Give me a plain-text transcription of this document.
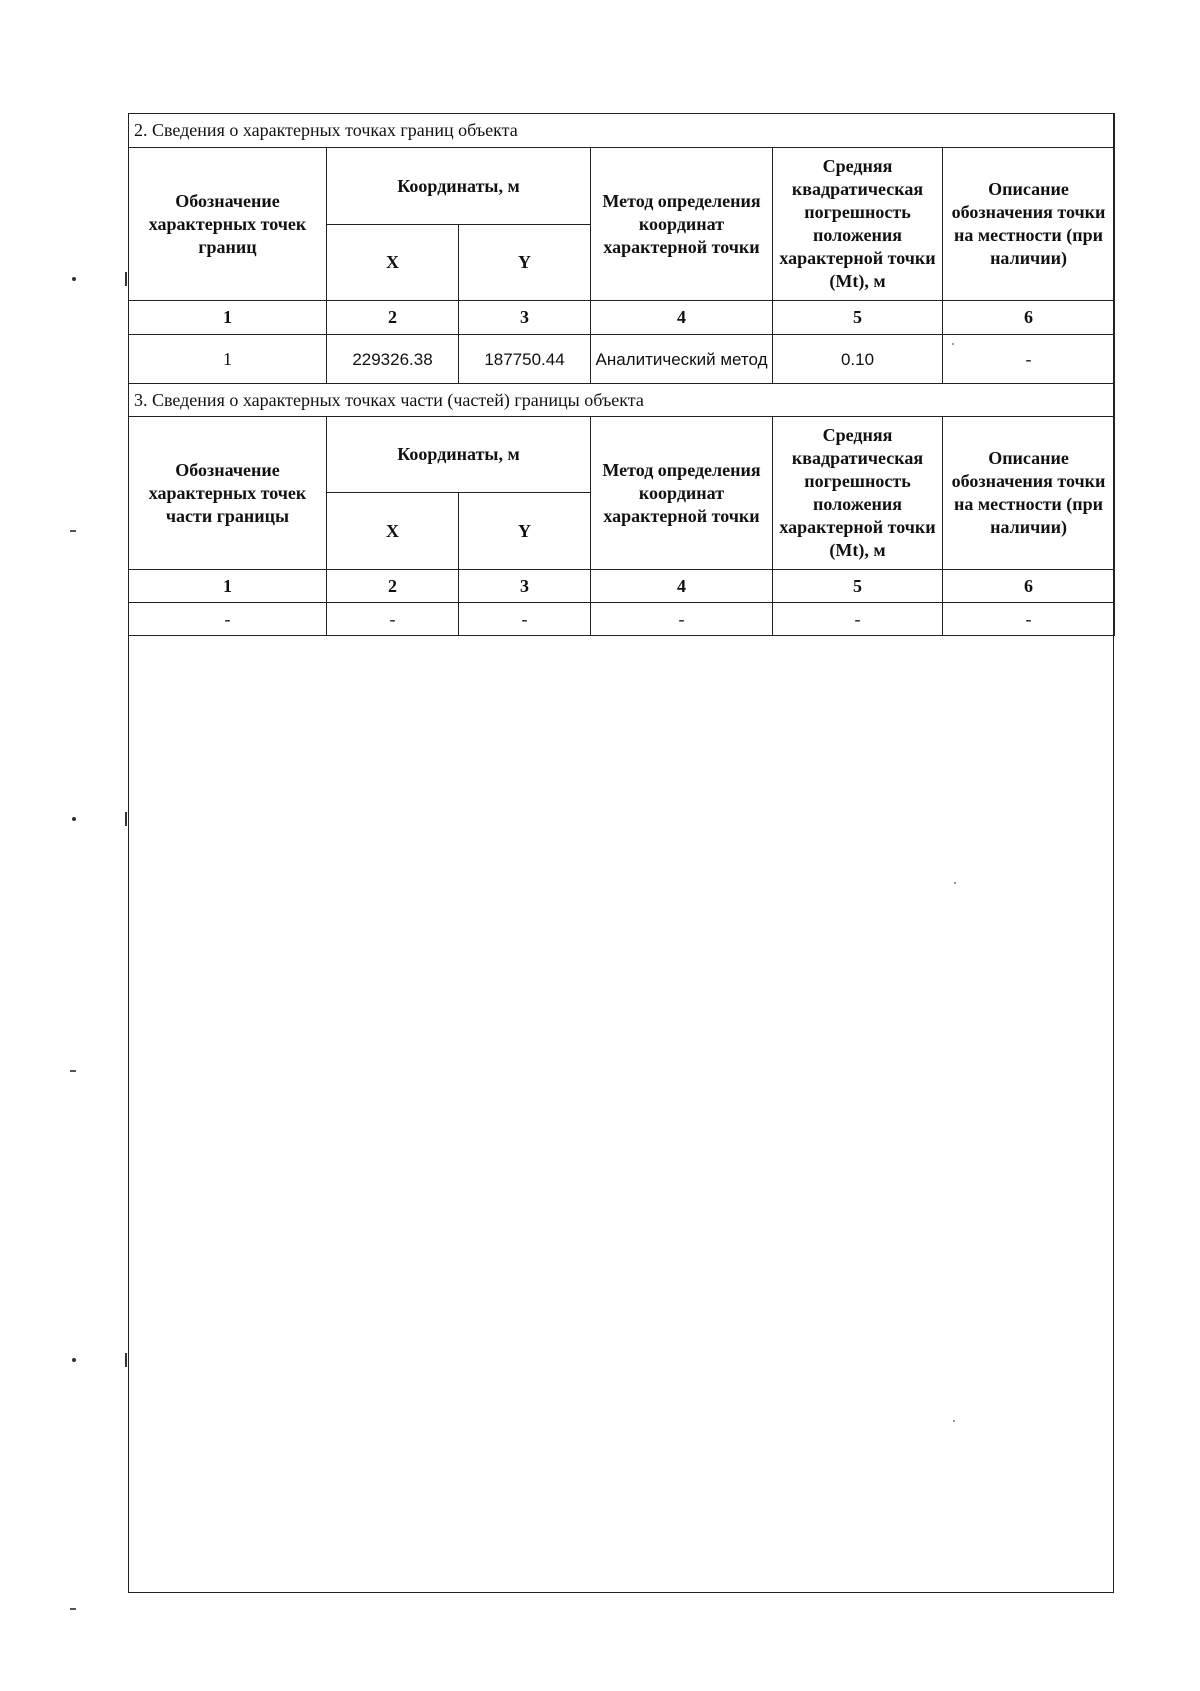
2. Сведения о характерных точках границ объекта					
Обозначение характерных точек границ	Координаты, м		Метод определения координат характерной точки	Средняя квадратическая погрешность положения характерной точки (Mt), м	Описание обозначения точки на местности (при наличии)
	X	Y			
1	2	3	4	5	6
1	229326.38	187750.44	Аналитический метод	0.10	-
3. Сведения о характерных точках части (частей) границы объекта					
Обозначение характерных точек части границы	Координаты, м		Метод определения координат характерной точки	Средняя квадратическая погрешность положения характерной точки (Mt), м	Описание обозначения точки на местности (при наличии)
	X	Y			
1	2	3	4	5	6
-	-	-	-	-	-
